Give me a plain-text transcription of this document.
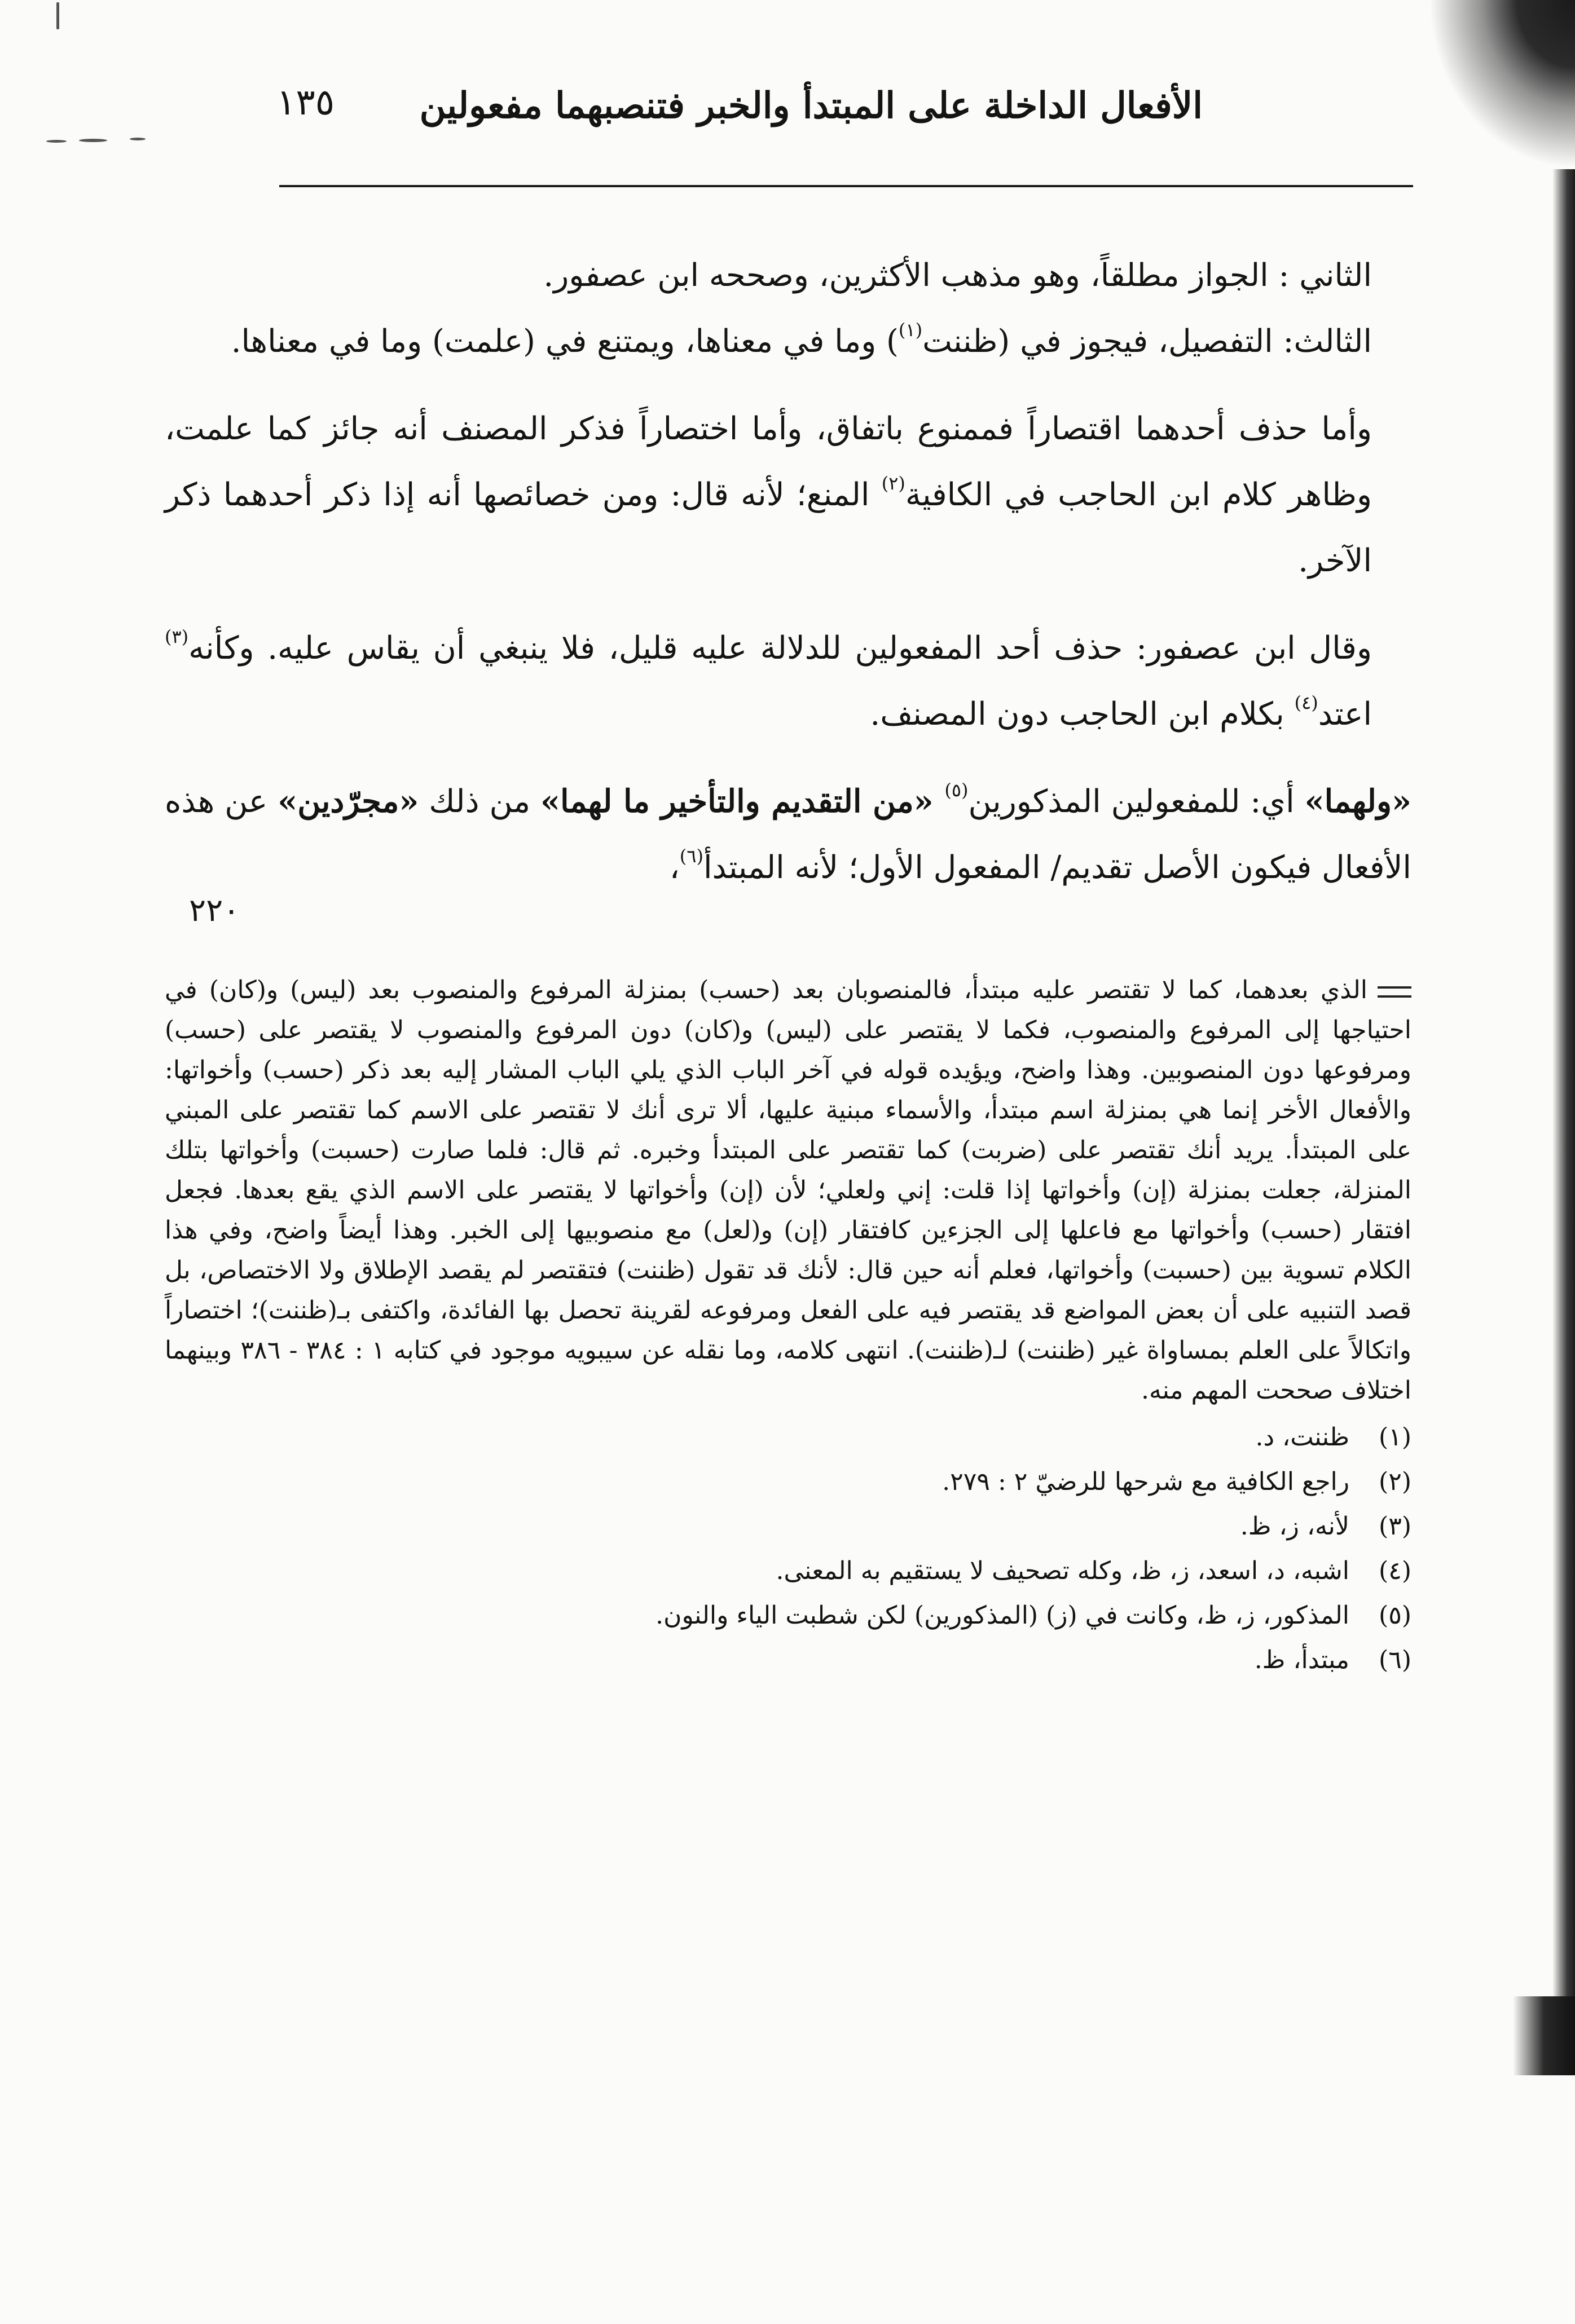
الأفعال الداخلة على المبتدأ والخبر فتنصبهما مفعولين
١٣٥
٢٢٠

الثاني : الجواز مطلقاً، وهو مذهب الأكثرين، وصححه ابن عصفور.

الثالث: التفصيل، فيجوز في (ظننت$^{(١)}$) وما في معناها، ويمتنع في (علمت) وما في معناها.

وأما حذف أحدهما اقتصاراً فممنوع باتفاق، وأما اختصاراً فذكر المصنف أنه جائز كما علمت، وظاهر كلام ابن الحاجب في الكافية$^{(٢)}$ المنع؛ لأنه قال: ومن خصائصها أنه إذا ذكر أحدهما ذكر الآخر.

وقال ابن عصفور: حذف أحد المفعولين للدلالة عليه قليل، فلا ينبغي أن يقاس عليه. وكأنه$^{(٣)}$ اعتد$^{(٤)}$ بكلام ابن الحاجب دون المصنف.

«ولهما» أي: للمفعولين المذكورين$^{(٥)}$ «من التقديم والتأخير ما لهما» من ذلك «مجرّدين» عن هذه الأفعال فيكون الأصل تقديم/ المفعول الأول؛ لأنه المبتدأ$^{(٦)}$،

الذي بعدهما، كما لا تقتصر عليه مبتدأ، فالمنصوبان بعد (حسب) بمنزلة المرفوع والمنصوب بعد (ليس) و(كان) في احتياجها إلى المرفوع والمنصوب، فكما لا يقتصر على (ليس) و(كان) دون المرفوع والمنصوب لا يقتصر على (حسب) ومرفوعها دون المنصوبين. وهذا واضح، ويؤيده قوله في آخر الباب الذي يلي الباب المشار إليه بعد ذكر (حسب) وأخواتها: والأفعال الأخر إنما هي بمنزلة اسم مبتدأ، والأسماء مبنية عليها، ألا ترى أنك لا تقتصر على الاسم كما تقتصر على المبني على المبتدأ. يريد أنك تقتصر على (ضربت) كما تقتصر على المبتدأ وخبره. ثم قال: فلما صارت (حسبت) وأخواتها بتلك المنزلة، جعلت بمنزلة (إن) وأخواتها إذا قلت: إني ولعلي؛ لأن (إن) وأخواتها لا يقتصر على الاسم الذي يقع بعدها. فجعل افتقار (حسب) وأخواتها مع فاعلها إلى الجزءين كافتقار (إن) و(لعل) مع منصوبيها إلى الخبر. وهذا أيضاً واضح، وفي هذا الكلام تسوية بين (حسبت) وأخواتها، فعلم أنه حين قال: لأنك قد تقول (ظننت) فتقتصر لم يقصد الإطلاق ولا الاختصاص، بل قصد التنبيه على أن بعض المواضع قد يقتصر فيه على الفعل ومرفوعه لقرينة تحصل بها الفائدة، واكتفى بـ(ظننت)؛ اختصاراً واتكالاً على العلم بمساواة غير (ظننت) لـ(ظننت). انتهى كلامه، وما نقله عن سيبويه موجود في كتابه ١ : ٣٨٤ - ٣٨٦ وبينهما اختلاف صححت المهم منه.
(١)
ظننت، د.
(٢)
راجع الكافية مع شرحها للرضيّ ٢ : ٢٧٩.
(٣)
لأنه، ز، ظ.
(٤)
اشبه، د، اسعد، ز، ظ، وكله تصحيف لا يستقيم به المعنى.
(٥)
المذكور، ز، ظ، وكانت في (ز) (المذكورين) لكن شطبت الياء والنون.
(٦)
مبتدأ، ظ.
